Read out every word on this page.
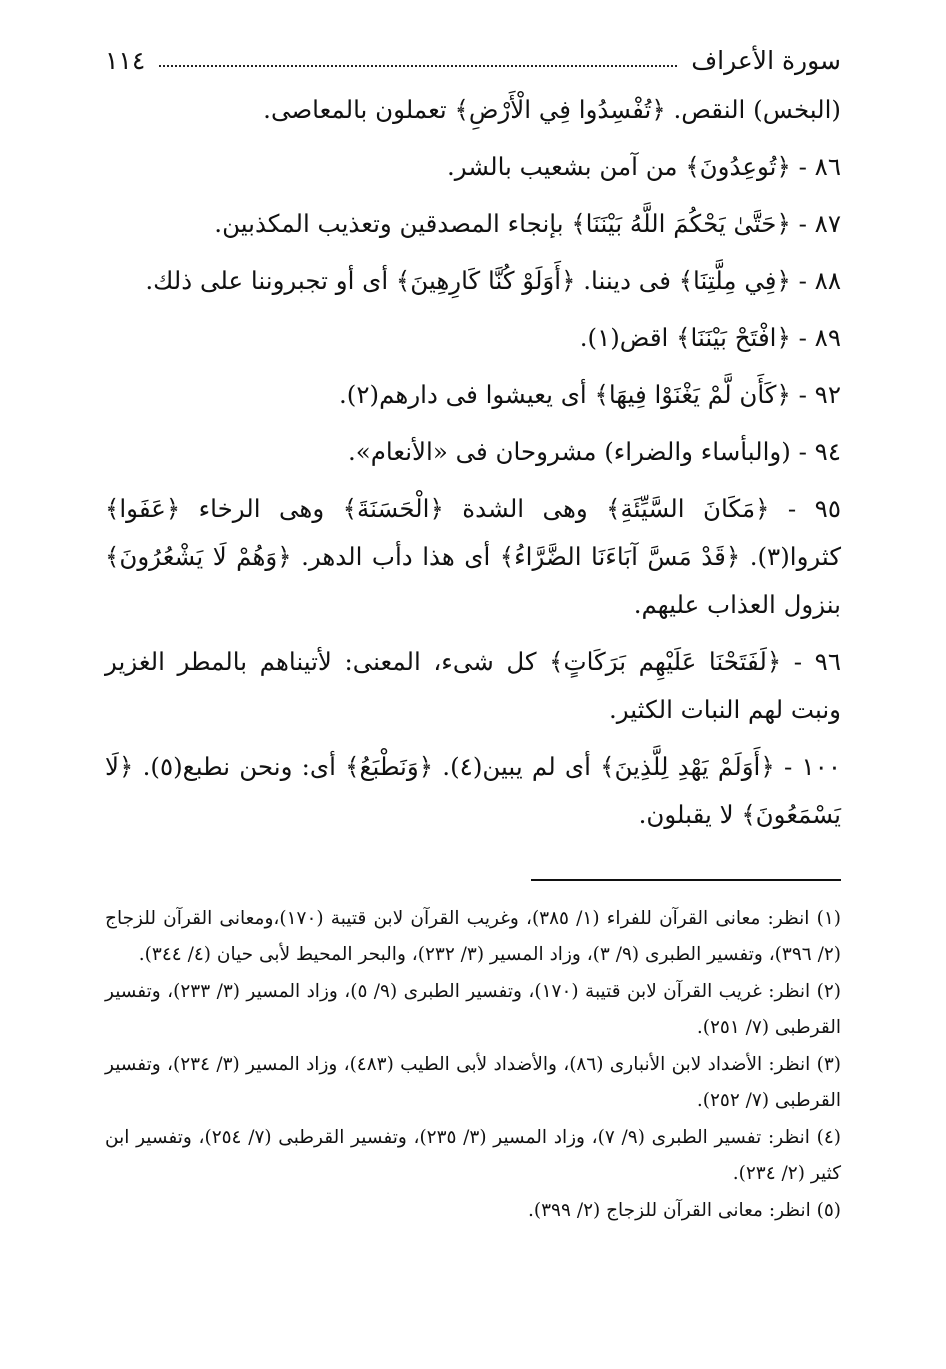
سورة الأعراف
١١٤

(البخس) النقص. ﴿تُفْسِدُوا فِي الْأَرْضِ﴾ تعملون بالمعاصى.

٨٦ - ﴿تُوعِدُونَ﴾ من آمن بشعيب بالشر.

٨٧ - ﴿حَتَّىٰ يَحْكُمَ اللَّهُ بَيْنَنَا﴾ بإنجاء المصدقين وتعذيب المكذبين.

٨٨ - ﴿فِي مِلَّتِنَا﴾ فى ديننا. ﴿أَوَلَوْ كُنَّا كَارِهِينَ﴾ أى أو تجبروننا على ذلك.

٨٩ - ﴿افْتَحْ بَيْنَنَا﴾ اقض(١).

٩٢ - ﴿كَأَن لَّمْ يَغْنَوْا فِيهَا﴾ أى يعيشوا فى دارهم(٢).

٩٤ - (والبأساء والضراء) مشروحان فى «الأنعام».

٩٥ - ﴿مَكَانَ السَّيِّئَةِ﴾ وهى الشدة ﴿الْحَسَنَةَ﴾ وهى الرخاء ﴿عَفَوا﴾ كثروا(٣). ﴿قَدْ مَسَّ آبَاءَنَا الضَّرَّاءُ﴾ أى هذا دأب الدهر. ﴿وَهُمْ لَا يَشْعُرُونَ﴾ بنزول العذاب عليهم.

٩٦ - ﴿لَفَتَحْنَا عَلَيْهِم بَرَكَاتٍ﴾ كل شىء، المعنى: لأتيناهم بالمطر الغزير ونبت لهم النبات الكثير.

١٠٠ - ﴿أَوَلَمْ يَهْدِ لِلَّذِينَ﴾ أى لم يبين(٤). ﴿وَنَطْبَعُ﴾ أى: ونحن نطبع(٥). ﴿لَا يَسْمَعُونَ﴾ لا يقبلون.

(١) انظر: معانى القرآن للفراء (١/ ٣٨٥)، وغريب القرآن لابن قتيبة (١٧٠)،ومعانى القرآن للزجاج (٢/ ٣٩٦)، وتفسير الطبرى (٩/ ٣)، وزاد المسير (٣/ ٢٣٢)، والبحر المحيط لأبى حيان (٤/ ٣٤٤).

(٢) انظر: غريب القرآن لابن قتيبة (١٧٠)، وتفسير الطبرى (٩/ ٥)، وزاد المسير (٣/ ٢٣٣)، وتفسير القرطبى (٧/ ٢٥١).

(٣) انظر: الأضداد لابن الأنبارى (٨٦)، والأضداد لأبى الطيب (٤٨٣)، وزاد المسير (٣/ ٢٣٤)، وتفسير القرطبى (٧/ ٢٥٢).

(٤) انظر: تفسير الطبرى (٩/ ٧)، وزاد المسير (٣/ ٢٣٥)، وتفسير القرطبى (٧/ ٢٥٤)، وتفسير ابن كثير (٢/ ٢٣٤).

(٥) انظر: معانى القرآن للزجاج (٢/ ٣٩٩).
